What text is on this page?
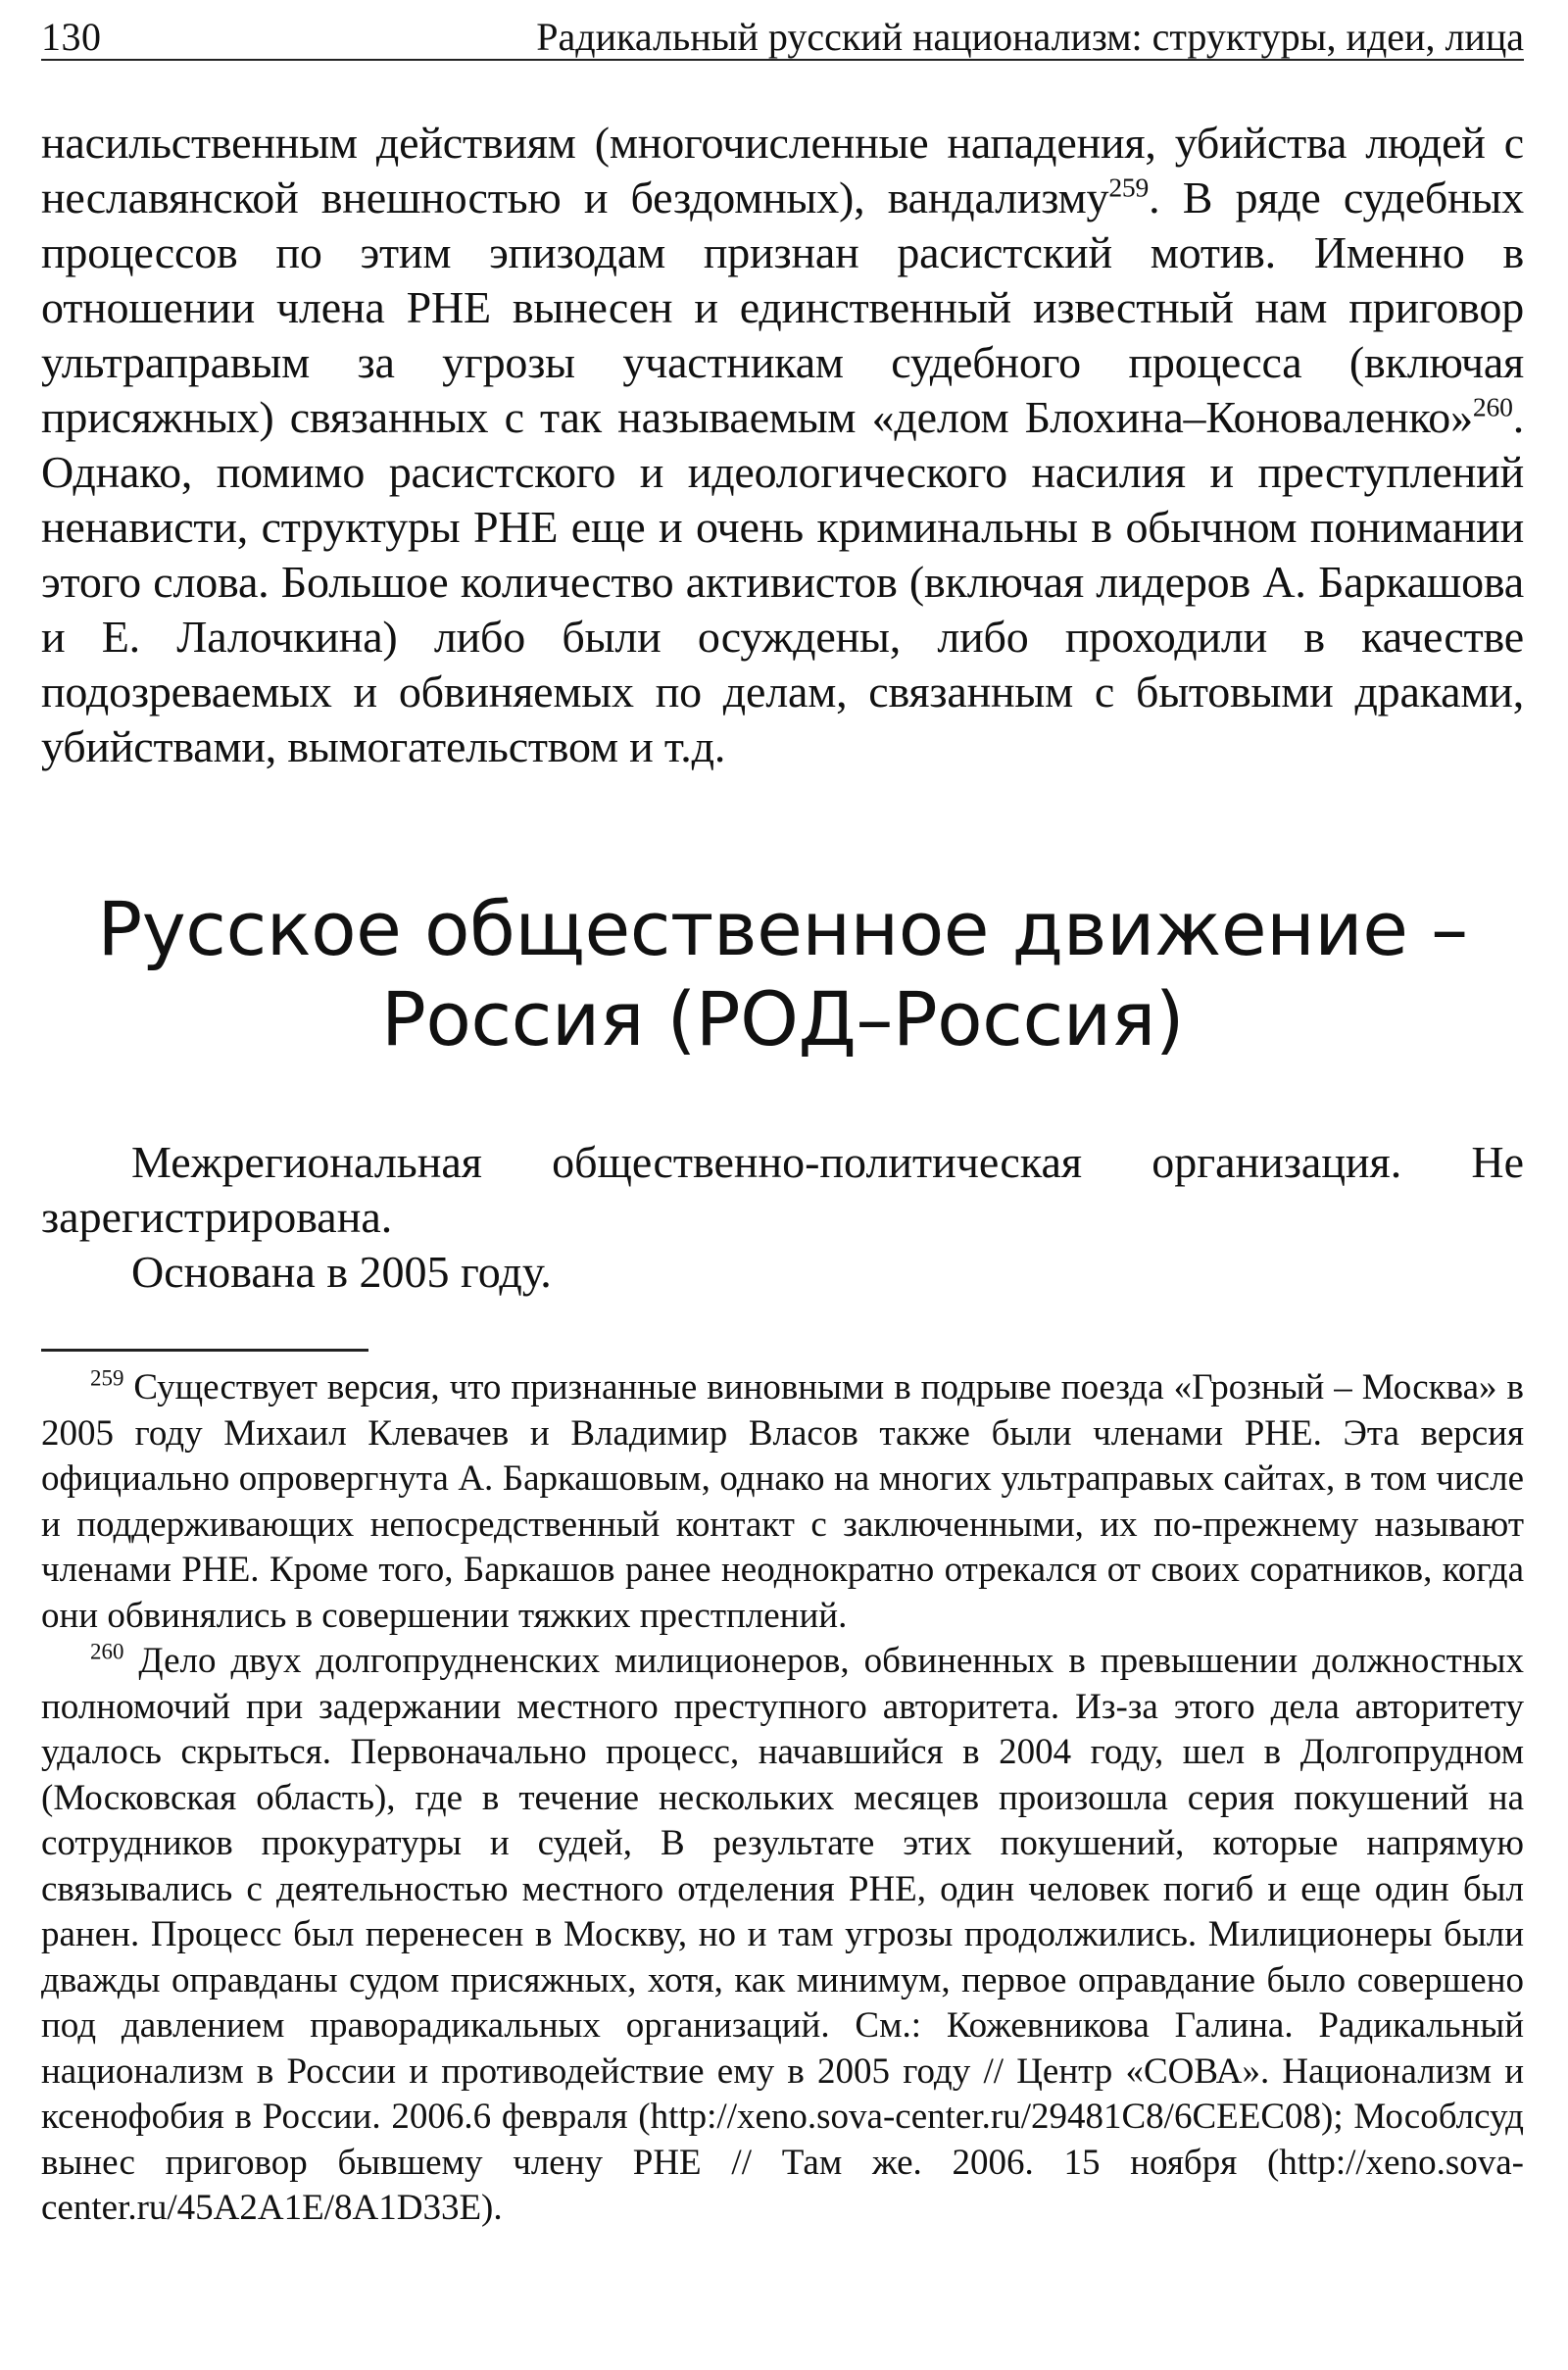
130	Радикальный русский национализм: структуры, идеи, лица

насильственным действиям (многочисленные нападения, убийства людей с неславянской внешностью и бездомных), вандализму$^{259}$. В ряде судебных процессов по этим эпизодам признан расистский мотив. Именно в отношении члена РНЕ вынесен и единственный известный нам приговор ультраправым за угрозы участникам судебного процесса (включая присяжных) связанных с так называемым «делом Блохина–Коноваленко»$^{260}$. Однако, помимо расистского и идеологического насилия и преступлений ненависти, структуры РНЕ еще и очень криминальны в обычном понимании этого слова. Большое количество активистов (включая лидеров А. Баркашова и Е. Лалочкина) либо были осуждены, либо проходили в качестве подозреваемых и обвиняемых по делам, связанным с бытовыми драками, убийствами, вымогательством и т.д.

Русское общественное движение –
Россия (РОД–Россия)

Межрегиональная общественно-политическая организация. Не зарегистрирована.

Основана в 2005 году.

$^{259}$ Существует версия, что признанные виновными в подрыве поезда «Грозный – Москва» в 2005 году Михаил Клевачев и Владимир Власов также были членами РНЕ. Эта версия официально опровергнута А. Баркашовым, однако на многих ультраправых сайтах, в том числе и поддерживающих непосредственный контакт с заключенными, их по-прежнему называют членами РНЕ. Кроме того, Баркашов ранее неоднократно отрекался от своих соратников, когда они обвинялись в совершении тяжких престплений.

$^{260}$ Дело двух долгопрудненских милиционеров, обвиненных в превышении должностных полномочий при задержании местного преступного авторитета. Из-за этого дела авторитету удалось скрыться. Первоначально процесс, начавшийся в 2004 году, шел в Долгопрудном (Московская область), где в течение нескольких месяцев произошла серия покушений на сотрудников прокуратуры и судей, В результате этих покушений, которые напрямую связывались с деятельностью местного отделения РНЕ, один человек погиб и еще один был ранен. Процесс был перенесен в Москву, но и там угрозы продолжились. Милиционеры были дважды оправданы судом присяжных, хотя, как минимум, первое оправдание было совершено под давлением праворадикальных организаций. См.: Кожевникова Галина. Радикальный национализм в России и противодействие ему в 2005 году // Центр «СОВА». Национализм и ксенофобия в России. 2006.6 февраля (http://xeno.sova-center.ru/29481C8/6CEEC08); Мособлсуд вынес приговор бывшему члену РНЕ // Там же. 2006. 15 ноября (http://xeno.sova-center.ru/45A2A1E/8A1D33E).
